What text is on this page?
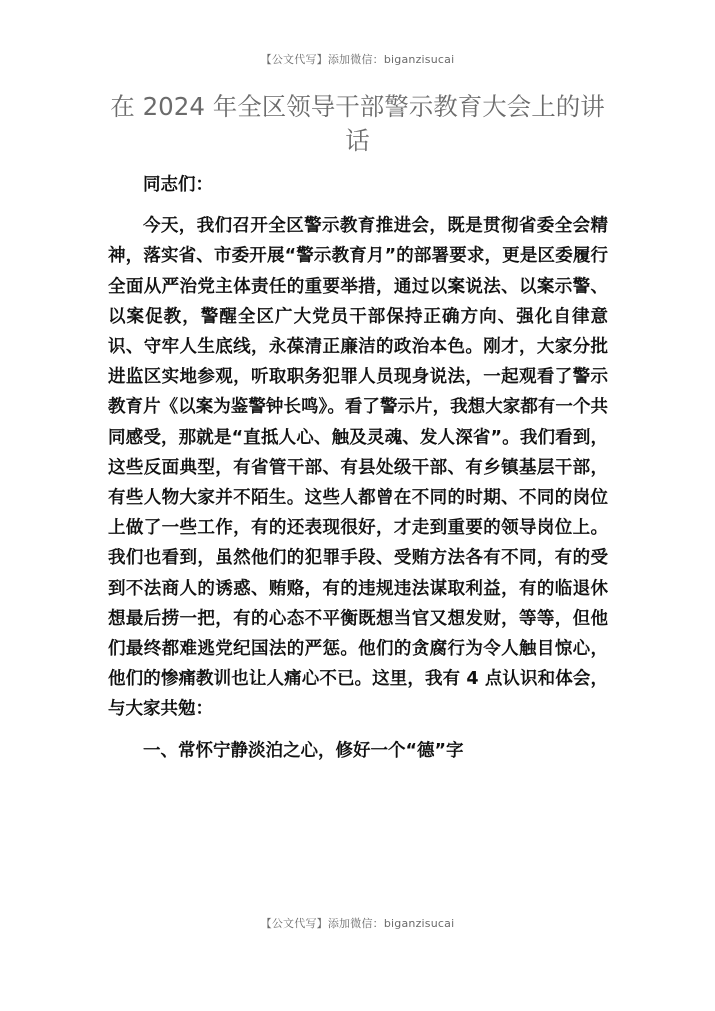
【公文代写】添加微信：biganzisucai
在 2024 年全区领导干部警示教育大会上的讲话

同志们：

今天，我们召开全区警示教育推进会，既是贯彻省委全会精神，落实省、市委开展“警示教育月”的部署要求，更是区委履行全面从严治党主体责任的重要举措，通过以案说法、以案示警、以案促教，警醒全区广大党员干部保持正确方向、强化自律意识、守牢人生底线，永葆清正廉洁的政治本色。刚才，大家分批进监区实地参观，听取职务犯罪人员现身说法，一起观看了警示教育片《以案为鉴警钟长鸣》。看了警示片，我想大家都有一个共同感受，那就是“直抵人心、触及灵魂、发人深省”。我们看到，这些反面典型，有省管干部、有县处级干部、有乡镇基层干部，有些人物大家并不陌生。这些人都曾在不同的时期、不同的岗位上做了一些工作，有的还表现很好，才走到重要的领导岗位上。我们也看到，虽然他们的犯罪手段、受贿方法各有不同，有的受到不法商人的诱惑、贿赂，有的违规违法谋取利益，有的临退休想最后捞一把，有的心态不平衡既想当官又想发财，等等，但他们最终都难逃党纪国法的严惩。他们的贪腐行为令人触目惊心，他们的惨痛教训也让人痛心不已。这里，我有 4 点认识和体会，与大家共勉：

一、常怀宁静淡泊之心，修好一个“德”字

【公文代写】添加微信：biganzisucai
